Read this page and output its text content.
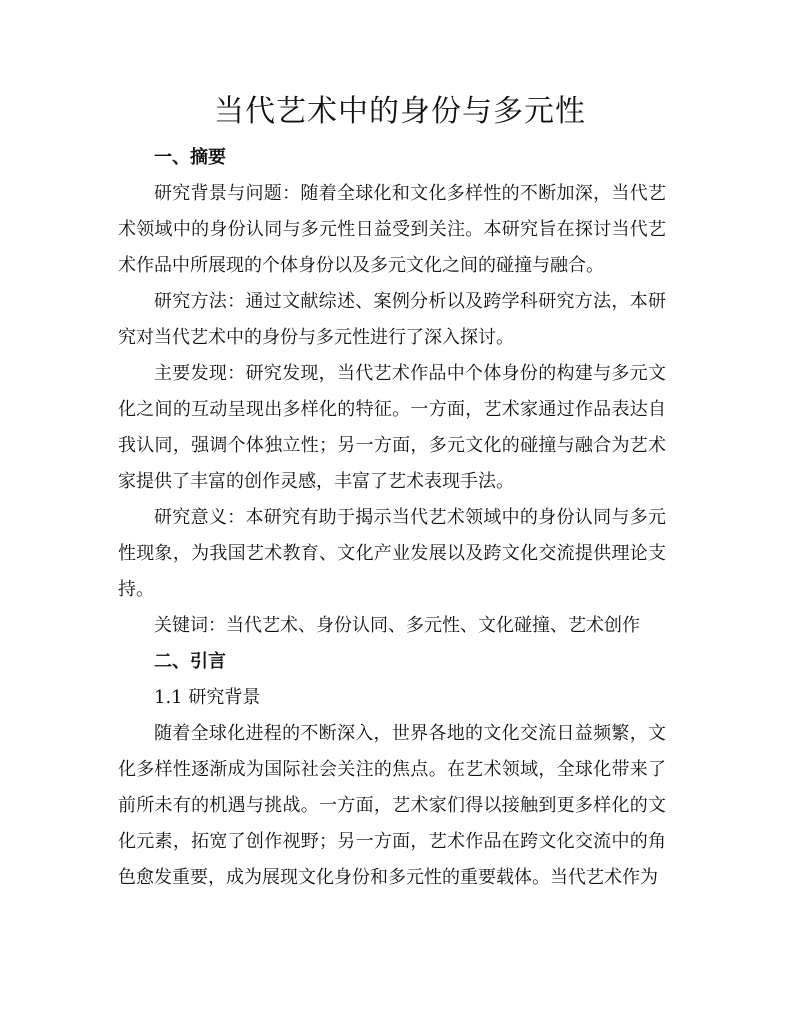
当代艺术中的身份与多元性

一、摘要

研究背景与问题：随着全球化和文化多样性的不断加深，当代艺术领域中的身份认同与多元性日益受到关注。本研究旨在探讨当代艺术作品中所展现的个体身份以及多元文化之间的碰撞与融合。

研究方法：通过文献综述、案例分析以及跨学科研究方法，本研究对当代艺术中的身份与多元性进行了深入探讨。

主要发现：研究发现，当代艺术作品中个体身份的构建与多元文化之间的互动呈现出多样化的特征。一方面，艺术家通过作品表达自我认同，强调个体独立性；另一方面，多元文化的碰撞与融合为艺术家提供了丰富的创作灵感，丰富了艺术表现手法。

研究意义：本研究有助于揭示当代艺术领域中的身份认同与多元性现象，为我国艺术教育、文化产业发展以及跨文化交流提供理论支持。

关键词：当代艺术、身份认同、多元性、文化碰撞、艺术创作

二、引言

1.1 研究背景

随着全球化进程的不断深入，世界各地的文化交流日益频繁，文化多样性逐渐成为国际社会关注的焦点。在艺术领域，全球化带来了前所未有的机遇与挑战。一方面，艺术家们得以接触到更多样化的文化元素，拓宽了创作视野；另一方面，艺术作品在跨文化交流中的角色愈发重要，成为展现文化身份和多元性的重要载体。当代艺术作为
